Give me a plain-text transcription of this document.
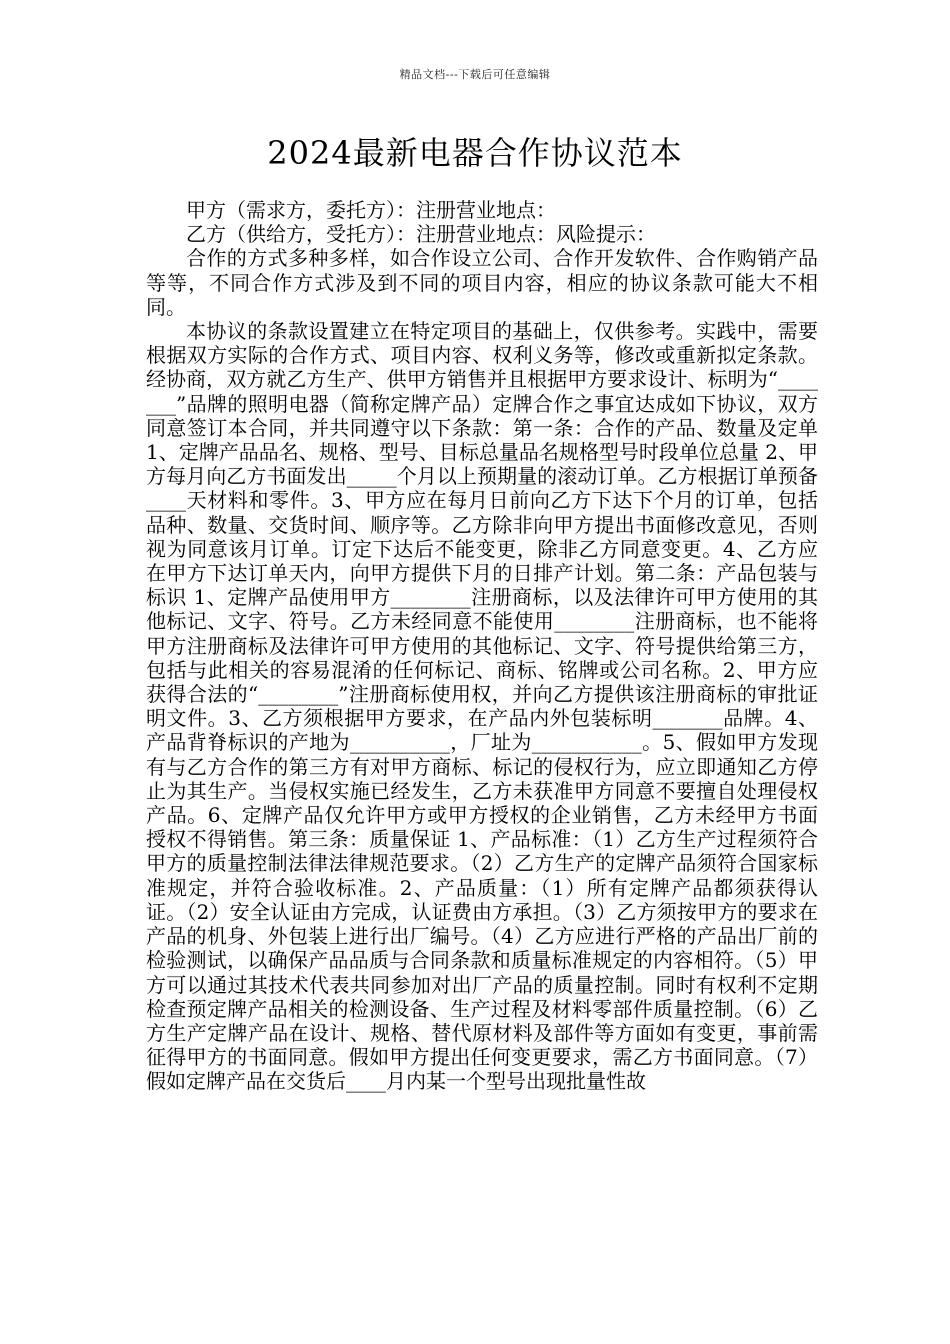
精品文档---下载后可任意编辑
2024最新电器合作协议范本

甲方（需求方，委托方）：注册营业地点：

乙方（供给方，受托方）：注册营业地点：风险提示：

合作的方式多种多样，如合作设立公司、合作开发软件、合作购销产品等等，不同合作方式涉及到不同的项目内容，相应的协议条款可能大不相同。

本协议的条款设置建立在特定项目的基础上，仅供参考。实践中，需要根据双方实际的合作方式、项目内容、权利义务等，修改或重新拟定条款。经协商，双方就乙方生产、供甲方销售并且根据甲方要求设计、标明为“_______”品牌的照明电器（简称定牌产品）定牌合作之事宜达成如下协议，双方同意签订本合同，并共同遵守以下条款：第一条：合作的产品、数量及定单 1、定牌产品品名、规格、型号、目标总量品名规格型号时段单位总量 2、甲方每月向乙方书面发出_____个月以上预期量的滚动订单。乙方根据订单预备____天材料和零件。3、甲方应在每月日前向乙方下达下个月的订单，包括品种、数量、交货时间、顺序等。乙方除非向甲方提出书面修改意见，否则视为同意该月订单。订定下达后不能变更，除非乙方同意变更。4、乙方应在甲方下达订单天内，向甲方提供下月的日排产计划。第二条：产品包装与标识 1、定牌产品使用甲方________注册商标，以及法律许可甲方使用的其他标记、文字、符号。乙方未经同意不能使用________注册商标，也不能将甲方注册商标及法律许可甲方使用的其他标记、文字、符号提供给第三方，包括与此相关的容易混淆的任何标记、商标、铭牌或公司名称。2、甲方应获得合法的“________”注册商标使用权，并向乙方提供该注册商标的审批证明文件。3、乙方须根据甲方要求，在产品内外包装标明_______品牌。4、产品背脊标识的产地为__________，厂址为___________。5、假如甲方发现有与乙方合作的第三方有对甲方商标、标记的侵权行为，应立即通知乙方停止为其生产。当侵权实施已经发生，乙方未获准甲方同意不要擅自处理侵权产品。6、定牌产品仅允许甲方或甲方授权的企业销售，乙方未经甲方书面授权不得销售。第三条：质量保证 1、产品标准：（1）乙方生产过程须符合甲方的质量控制法律法律规范要求。（2）乙方生产的定牌产品须符合国家标准规定，并符合验收标准。2、产品质量：（1）所有定牌产品都须获得认证。（2）安全认证由方完成，认证费由方承担。（3）乙方须按甲方的要求在产品的机身、外包装上进行出厂编号。（4）乙方应进行严格的产品出厂前的检验测试，以确保产品品质与合同条款和质量标准规定的内容相符。（5）甲方可以通过其技术代表共同参加对出厂产品的质量控制。同时有权利不定期检查预定牌产品相关的检测设备、生产过程及材料零部件质量控制。（6）乙方生产定牌产品在设计、规格、替代原材料及部件等方面如有变更，事前需征得甲方的书面同意。假如甲方提出任何变更要求，需乙方书面同意。（7）假如定牌产品在交货后____月内某一个型号出现批量性故
